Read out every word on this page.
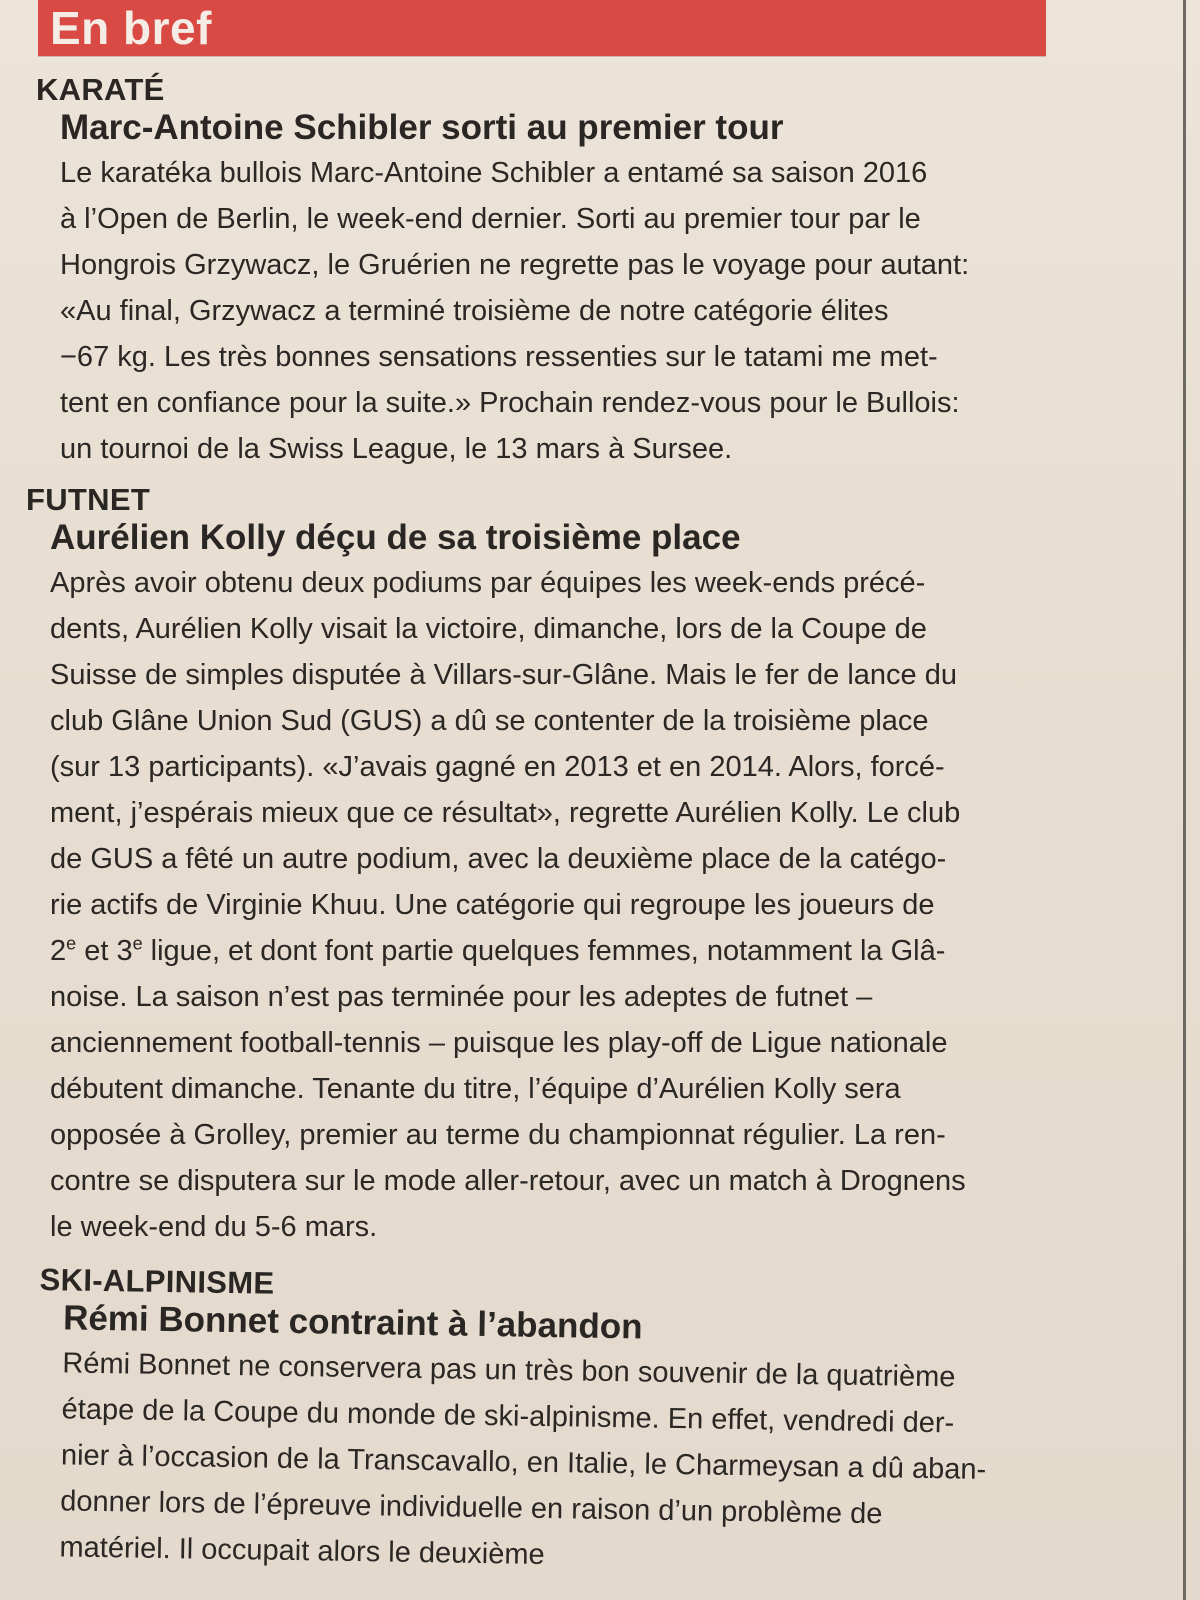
En bref
KARATÉ
Marc-Antoine Schibler sorti au premier tour
Le karatéka bullois Marc-Antoine Schibler a entamé sa saison 2016
à l’Open de Berlin, le week-end dernier. Sorti au premier tour par le
Hongrois Grzywacz, le Gruérien ne regrette pas le voyage pour autant:
«Au final, Grzywacz a terminé troisième de notre catégorie élites
−67 kg. Les très bonnes sensations ressenties sur le tatami me met-
tent en confiance pour la suite.» Prochain rendez-vous pour le Bullois:
un tournoi de la Swiss League, le 13 mars à Sursee.
FUTNET
Aurélien Kolly déçu de sa troisième place
Après avoir obtenu deux podiums par équipes les week-ends précé-
dents, Aurélien Kolly visait la victoire, dimanche, lors de la Coupe de
Suisse de simples disputée à Villars-sur-Glâne. Mais le fer de lance du
club Glâne Union Sud (GUS) a dû se contenter de la troisième place
(sur 13 participants). «J’avais gagné en 2013 et en 2014. Alors, forcé-
ment, j’espérais mieux que ce résultat», regrette Aurélien Kolly. Le club
de GUS a fêté un autre podium, avec la deuxième place de la catégo-
rie actifs de Virginie Khuu. Une catégorie qui regroupe les joueurs de
2e et 3e ligue, et dont font partie quelques femmes, notamment la Glâ-
noise. La saison n’est pas terminée pour les adeptes de futnet –
anciennement football-tennis – puisque les play-off de Ligue nationale
débutent dimanche. Tenante du titre, l’équipe d’Aurélien Kolly sera
opposée à Grolley, premier au terme du championnat régulier. La ren-
contre se disputera sur le mode aller-retour, avec un match à Drognens
le week-end du 5-6 mars.
SKI-ALPINISME
Rémi Bonnet contraint à l’abandon
Rémi Bonnet ne conservera pas un très bon souvenir de la quatrième
étape de la Coupe du monde de ski-alpinisme. En effet, vendredi der-
nier à l’occasion de la Transcavallo, en Italie, le Charmeysan a dû aban-
donner lors de l’épreuve individuelle en raison d’un problème de
matériel. Il occupait alors le deuxième
